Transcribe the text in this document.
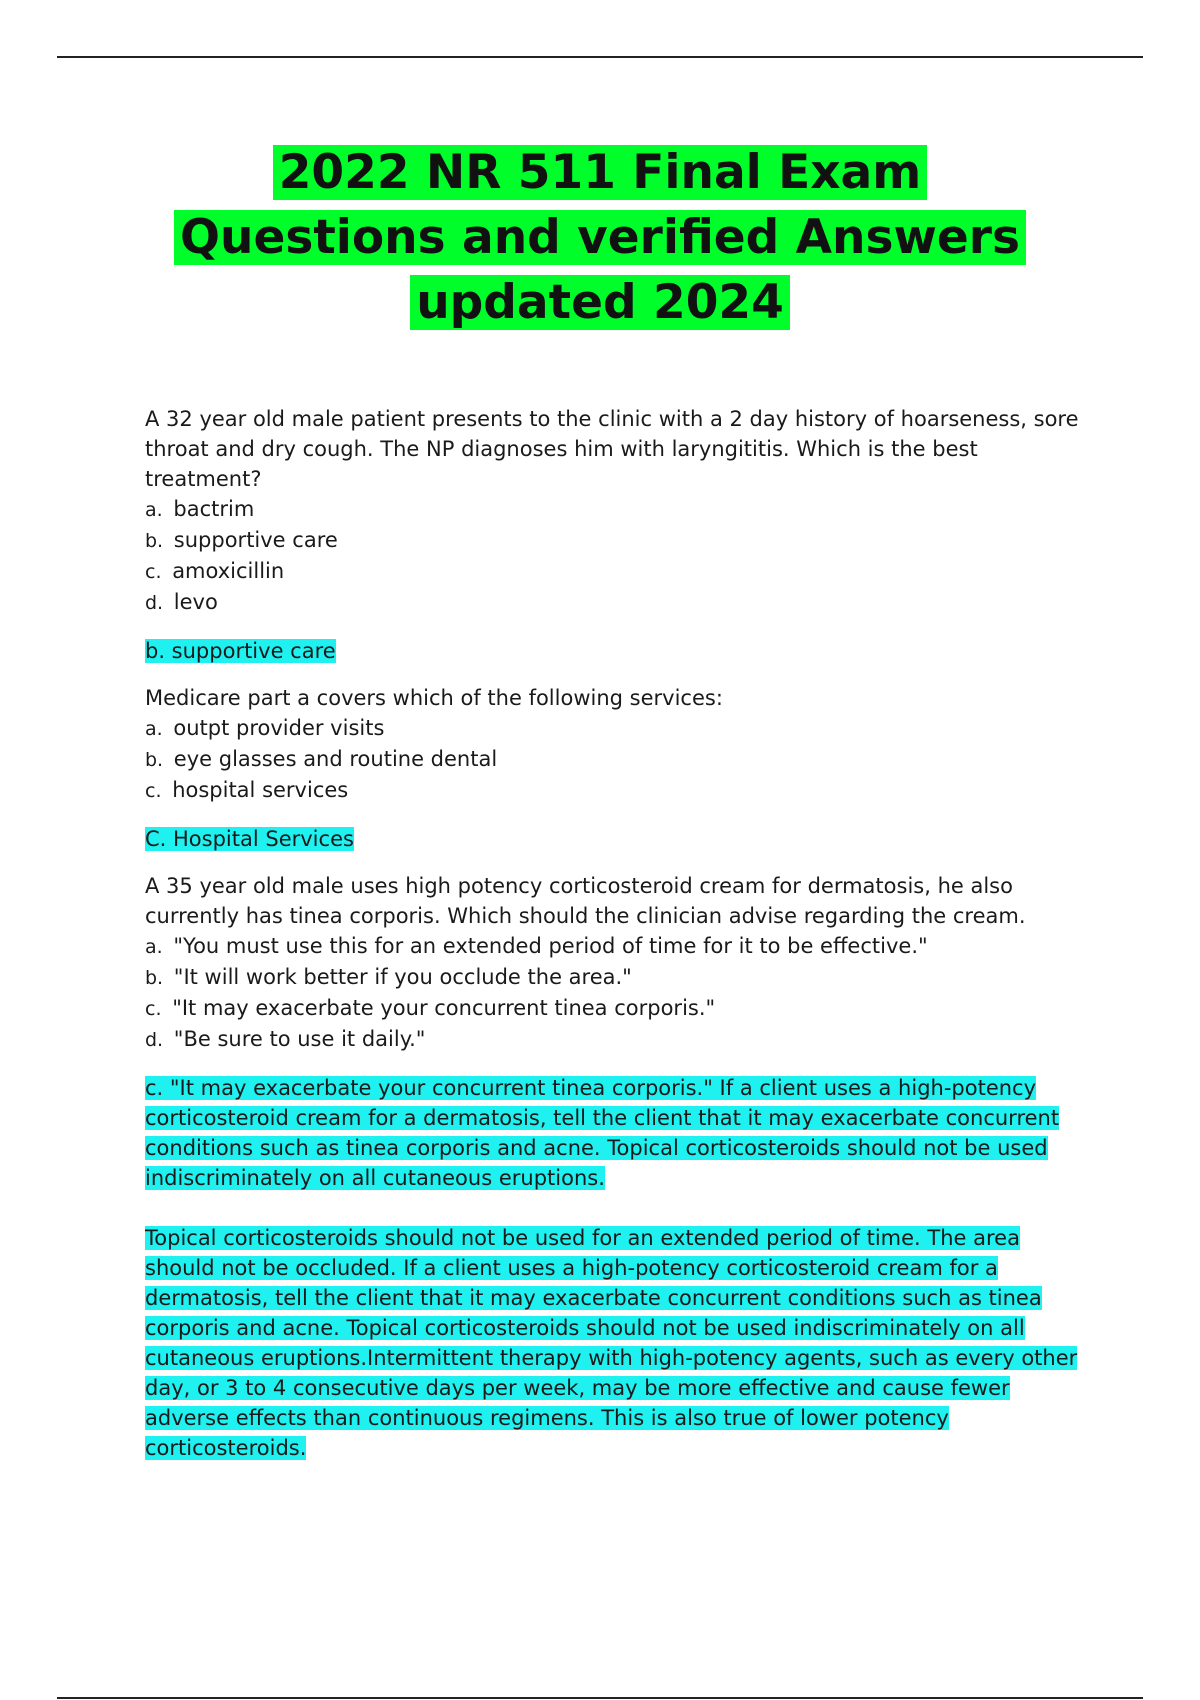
2022 NR 511 Final Exam
Questions and verified Answers
updated 2024

A 32 year old male patient presents to the clinic with a 2 day history of hoarseness, sore throat and dry cough. The NP diagnoses him with laryngititis. Which is the best treatment?

a. bactrim

b. supportive care

c. amoxicillin

d. levo

b. supportive care

Medicare part a covers which of the following services:

a. outpt provider visits

b. eye glasses and routine dental

c. hospital services

C. Hospital Services

A 35 year old male uses high potency corticosteroid cream for dermatosis, he also currently has tinea corporis. Which should the clinician advise regarding the cream.

a. "You must use this for an extended period of time for it to be effective."

b. "It will work better if you occlude the area."

c. "It may exacerbate your concurrent tinea corporis."

d. "Be sure to use it daily."

c. "It may exacerbate your concurrent tinea corporis." If a client uses a high-potency corticosteroid cream for a dermatosis, tell the client that it may exacerbate concurrent conditions such as tinea corporis and acne. Topical corticosteroids should not be used indiscriminately on all cutaneous eruptions.

Topical corticosteroids should not be used for an extended period of time. The area should not be occluded. If a client uses a high-potency corticosteroid cream for a dermatosis, tell the client that it may exacerbate concurrent conditions such as tinea corporis and acne. Topical corticosteroids should not be used indiscriminately on all cutaneous eruptions.Intermittent therapy with high-potency agents, such as every other day, or 3 to 4 consecutive days per week, may be more effective and cause fewer adverse effects than continuous regimens. This is also true of lower potency corticosteroids.
